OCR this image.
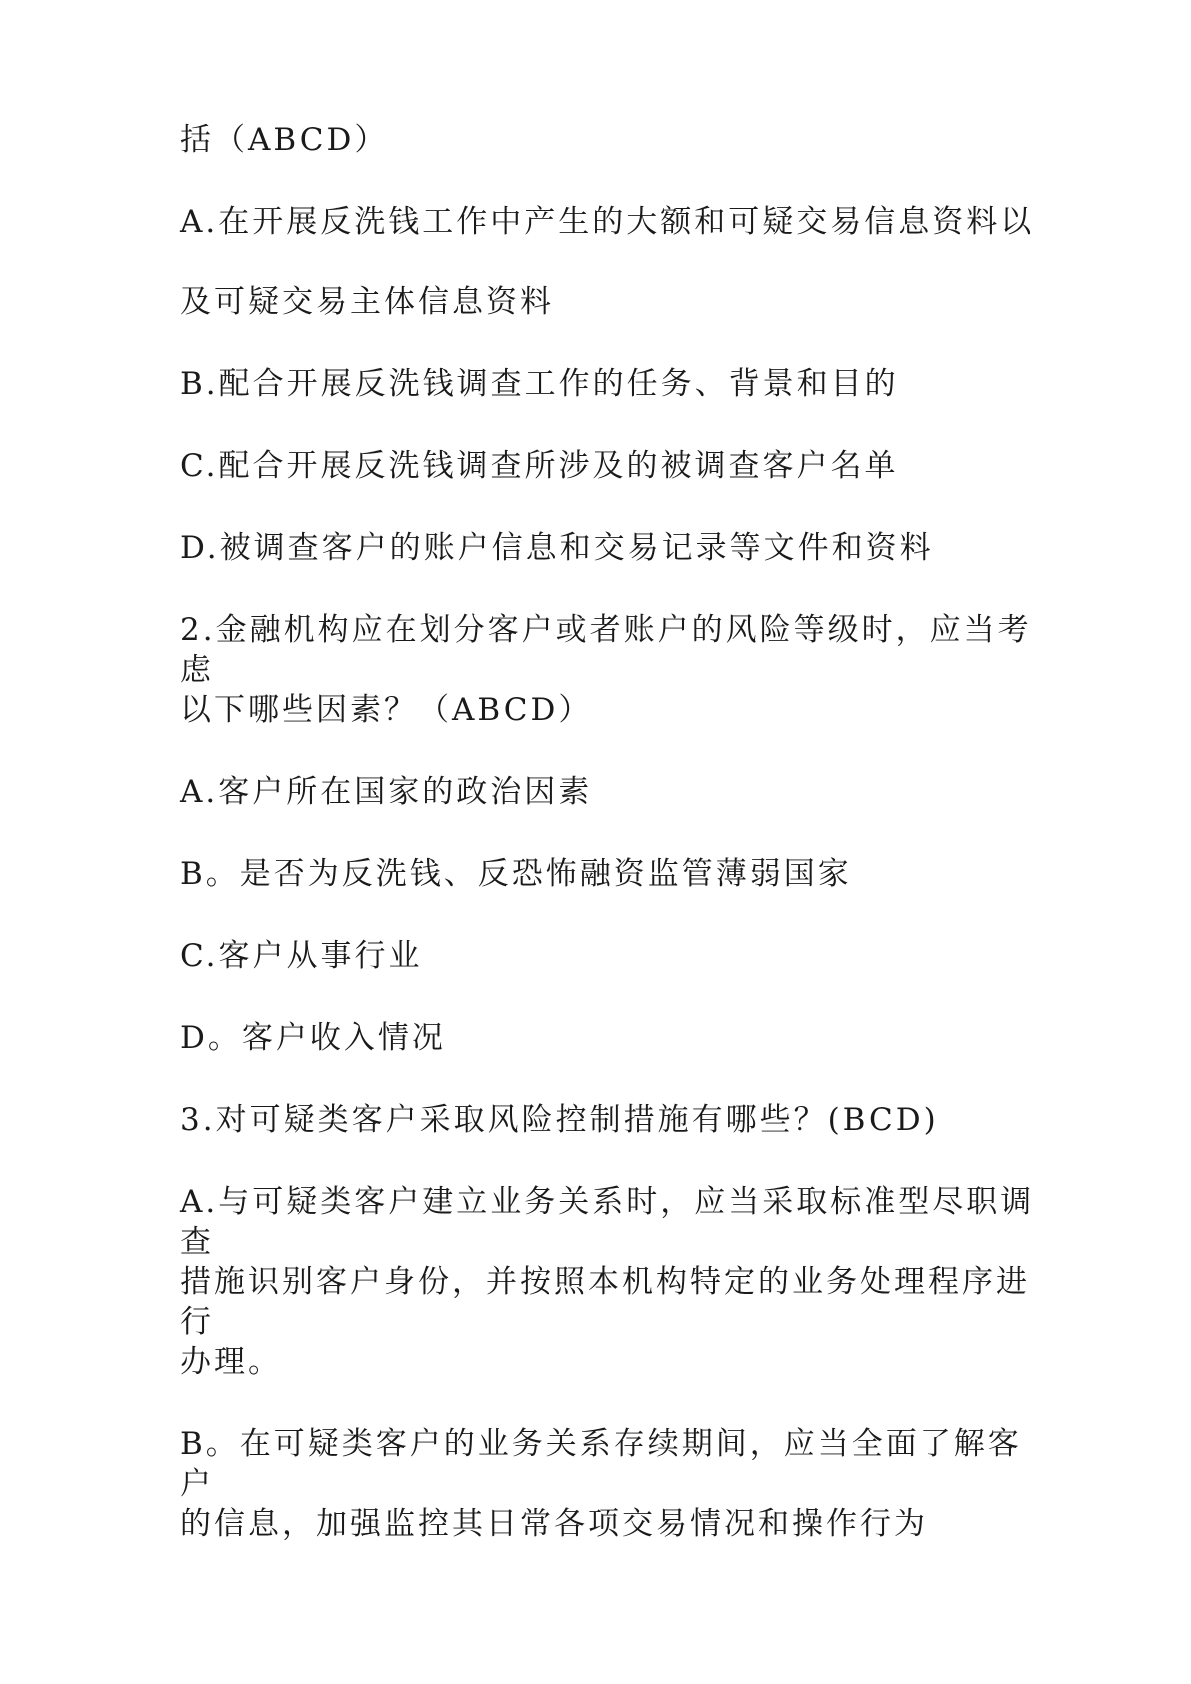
括（ABCD）

A.在开展反洗钱工作中产生的大额和可疑交易信息资料以
及可疑交易主体信息资料

B.配合开展反洗钱调查工作的任务、背景和目的

C.配合开展反洗钱调查所涉及的被调查客户名单

D.被调查客户的账户信息和交易记录等文件和资料

2.金融机构应在划分客户或者账户的风险等级时，应当考虑
以下哪些因素？（ABCD）

A.客户所在国家的政治因素

B。是否为反洗钱、反恐怖融资监管薄弱国家

C.客户从事行业

D。客户收入情况

3.对可疑类客户采取风险控制措施有哪些？(BCD)

A.与可疑类客户建立业务关系时，应当采取标准型尽职调查
措施识别客户身份，并按照本机构特定的业务处理程序进行
办理。

B。在可疑类客户的业务关系存续期间，应当全面了解客户
的信息，加强监控其日常各项交易情况和操作行为
